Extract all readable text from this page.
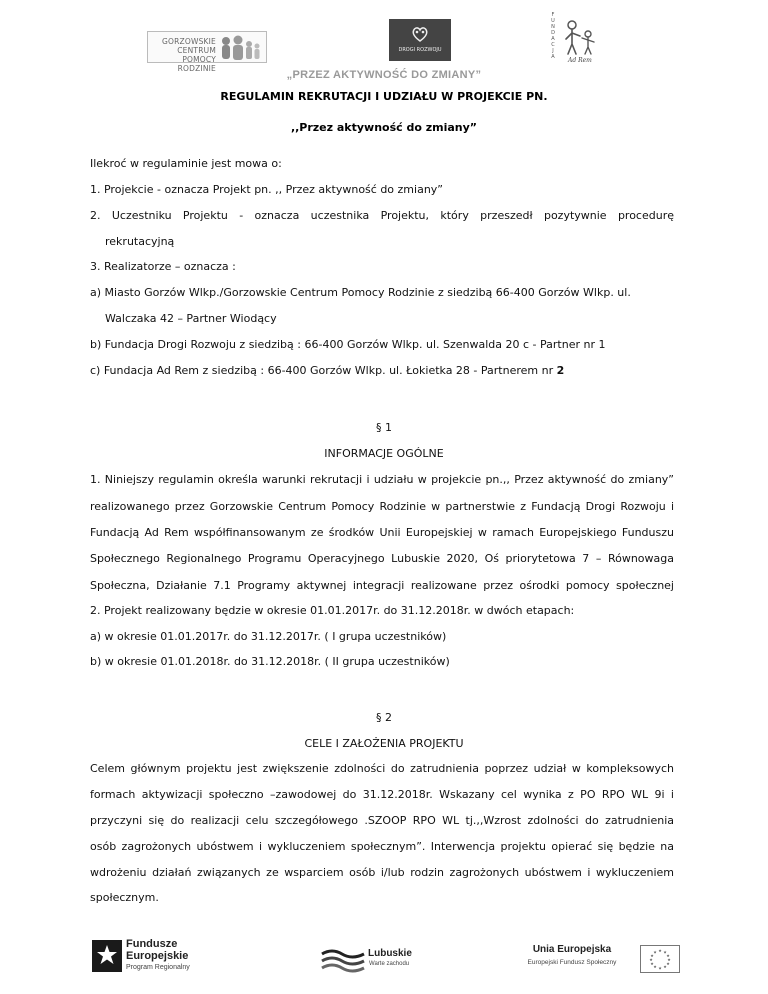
GORZOWSKIE CENTRUM
POMOCY RODZINIE
DROGI ROZWOJU
F
U
N
D
A
C
J
A Ad Rem
„PRZEZ AKTYWNOŚĆ DO ZMIANY”
REGULAMIN REKRUTACJI I UDZIAŁU W PROJEKCIE PN.
,,Przez aktywność do zmiany”
Ilekroć w regulaminie jest mowa o:
1. Projekcie - oznacza Projekt pn. ,, Przez aktywność do zmiany”
2. Uczestniku Projektu - oznacza uczestnika Projektu, który przeszedł pozytywnie procedurę
rekrutacyjną
3. Realizatorze – oznacza :
a) Miasto Gorzów Wlkp./Gorzowskie Centrum Pomocy Rodzinie z siedzibą 66-400 Gorzów Wlkp. ul.
Walczaka 42 – Partner Wiodący
b) Fundacja Drogi Rozwoju z siedzibą : 66-400 Gorzów Wlkp. ul. Szenwalda 20 c - Partner nr 1
c) Fundacja Ad Rem z siedzibą : 66-400 Gorzów Wlkp. ul. Łokietka 28 - Partnerem nr 2
§ 1
INFORMACJE OGÓLNE
1. Niniejszy regulamin określa warunki rekrutacji i udziału w projekcie pn.,, Przez aktywność do zmiany”
realizowanego przez Gorzowskie Centrum Pomocy Rodzinie w partnerstwie z Fundacją Drogi Rozwoju i
Fundacją Ad Rem współfinansowanym ze środków Unii Europejskiej w ramach Europejskiego Funduszu
Społecznego Regionalnego Programu Operacyjnego Lubuskie 2020, Oś priorytetowa 7 – Równowaga
Społeczna, Działanie 7.1 Programy aktywnej integracji realizowane przez ośrodki pomocy społecznej
2. Projekt realizowany będzie w okresie 01.01.2017r. do 31.12.2018r. w dwóch etapach:
a) w okresie 01.01.2017r. do 31.12.2017r. ( I grupa uczestników)
b) w okresie 01.01.2018r. do 31.12.2018r. ( II grupa uczestników)
§ 2
CELE I ZAŁOŻENIA PROJEKTU
Celem głównym projektu jest zwiększenie zdolności do zatrudnienia poprzez udział w kompleksowych
formach aktywizacji społeczno –zawodowej do 31.12.2018r. Wskazany cel wynika z PO RPO WL 9i i
przyczyni się do realizacji celu szczegółowego .SZOOP RPO WL tj.,,Wzrost zdolności do zatrudnienia
osób zagrożonych ubóstwem i wykluczeniem społecznym”. Interwencja projektu opierać się będzie na
wdrożeniu działań związanych ze wsparciem osób i/lub rodzin zagrożonych ubóstwem i wykluczeniem
społecznym.
Fundusze
Europejskie
Program Regionalny
Lubuskie
Warte zachodu
Unia Europejska
Europejski Fundusz Społeczny
★ ★
★
★
★
★
★
★
★
★
★
★
